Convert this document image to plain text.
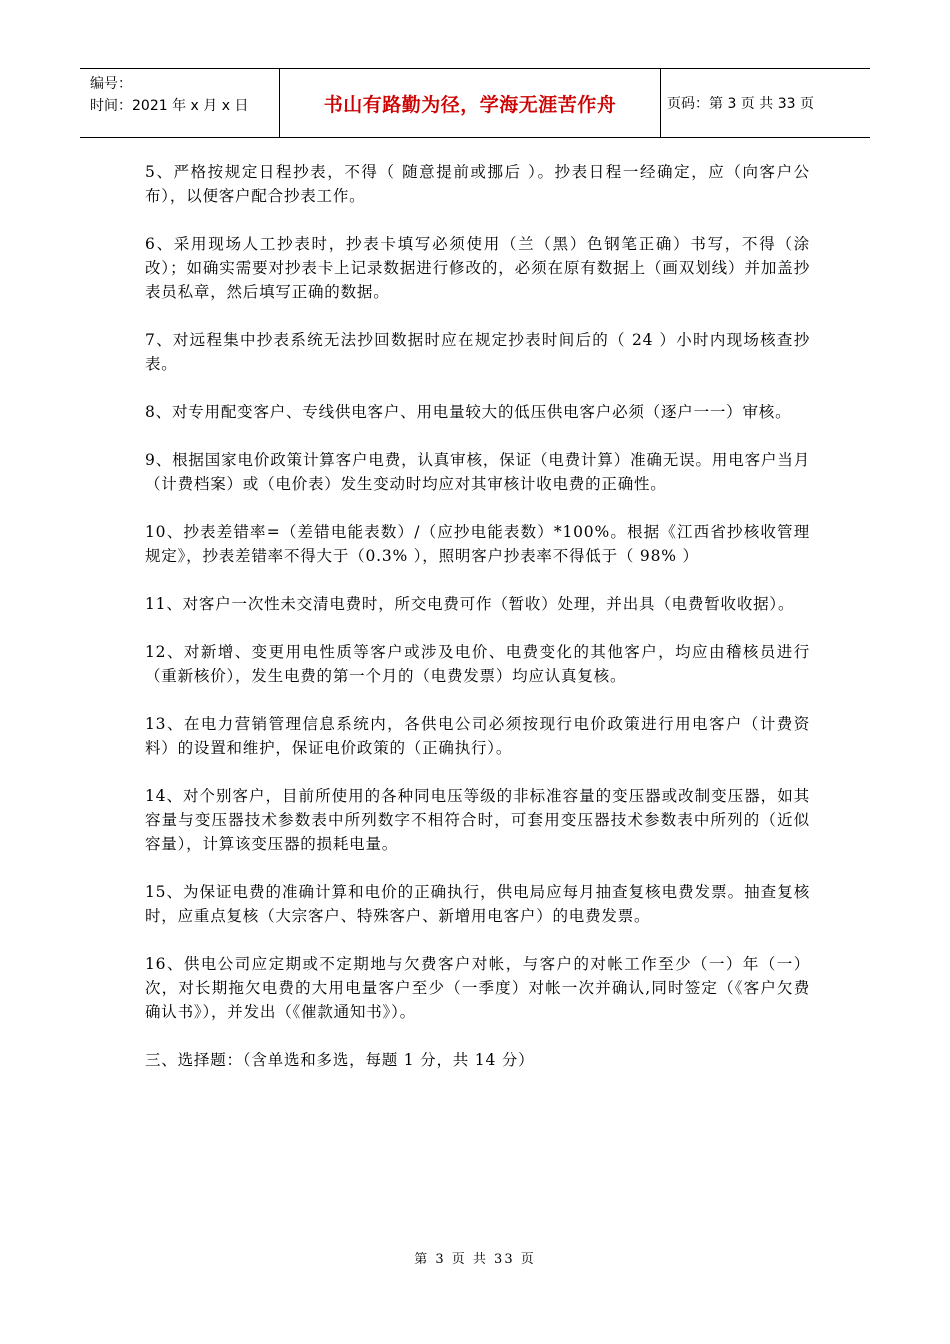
编号：
时间：2021 年 x 月 x 日	书山有路勤为径，学海无涯苦作舟	页码：第 3 页 共 33 页

5、严格按规定日程抄表，不得（ 随意提前或挪后 ）。抄表日程一经确定，应（向客户公布），以便客户配合抄表工作。

6、采用现场人工抄表时，抄表卡填写必须使用（兰（黑）色钢笔正确）书写，不得（涂改）；如确实需要对抄表卡上记录数据进行修改的，必须在原有数据上（画双划线）并加盖抄表员私章，然后填写正确的数据。

7、对远程集中抄表系统无法抄回数据时应在规定抄表时间后的（ 24 ）小时内现场核查抄表。

8、对专用配变客户、专线供电客户、用电量较大的低压供电客户必须（逐户一一）审核。

9、根据国家电价政策计算客户电费，认真审核，保证（电费计算）准确无误。用电客户当月（计费档案）或（电价表）发生变动时均应对其审核计收电费的正确性。

10、抄表差错率=（差错电能表数）/（应抄电能表数）*100%。根据《江西省抄核收管理规定》，抄表差错率不得大于（0.3% ），照明客户抄表率不得低于（ 98% ）

11、对客户一次性未交清电费时，所交电费可作（暂收）处理，并出具（电费暂收收据）。

12、对新增、变更用电性质等客户或涉及电价、电费变化的其他客户，均应由稽核员进行（重新核价），发生电费的第一个月的（电费发票）均应认真复核。

13、在电力营销管理信息系统内，各供电公司必须按现行电价政策进行用电客户（计费资料）的设置和维护，保证电价政策的（正确执行）。

14、对个别客户，目前所使用的各种同电压等级的非标准容量的变压器或改制变压器，如其容量与变压器技术参数表中所列数字不相符合时，可套用变压器技术参数表中所列的（近似容量），计算该变压器的损耗电量。

15、为保证电费的准确计算和电价的正确执行，供电局应每月抽查复核电费发票。抽查复核时，应重点复核（大宗客户、特殊客户、新增用电客户）的电费发票。

16、供电公司应定期或不定期地与欠费客户对帐，与客户的对帐工作至少（一）年（一）次，对长期拖欠电费的大用电量客户至少（一季度）对帐一次并确认,同时签定（《客户欠费确认书》），并发出（《催款通知书》）。

三、选择题：（含单选和多选，每题 1 分，共 14 分）

第 3 页 共 33 页
